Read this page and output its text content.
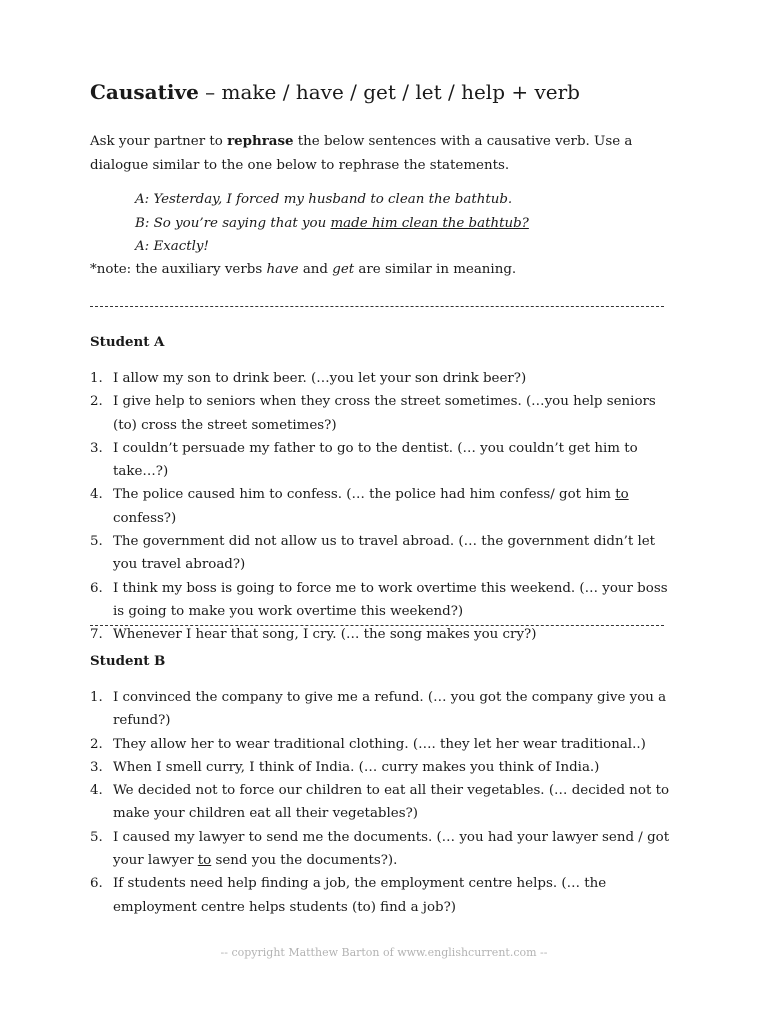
Causative – make / have / get / let / help + verb

Ask your partner to rephrase the below sentences with a causative verb. Use a dialogue similar to the one below to rephrase the statements.

A: Yesterday, I forced my husband to clean the bathtub.
B: So you’re saying that you made him clean the bathtub?
A: Exactly!
*note: the auxiliary verbs have and get are similar in meaning.
Student A
1. I allow my son to drink beer. (…you let your son drink beer?)
2. I give help to seniors when they cross the street sometimes. (…you help seniors (to) cross the street sometimes?)
3. I couldn’t persuade my father to go to the dentist. (… you couldn’t get him to take…?)
4. The police caused him to confess. (… the police had him confess/ got him to confess?)
5. The government did not allow us to travel abroad. (… the government didn’t let you travel abroad?)
6. I think my boss is going to force me to work overtime this weekend. (… your boss is going to make you work overtime this weekend?)
7. Whenever I hear that song, I cry. (… the song makes you cry?)
Student B
1. I convinced the company to give me a refund. (… you got the company give you a refund?)
2. They allow her to wear traditional clothing. (…. they let her wear traditional..)
3. When I smell curry, I think of India. (… curry makes you think of India.)
4. We decided not to force our children to eat all their vegetables. (… decided not to make your children eat all their vegetables?)
5. I caused my lawyer to send me the documents. (… you had your lawyer send / got your lawyer to send you the documents?).
6. If students need help finding a job, the employment centre helps. (… the employment centre helps students (to) find a job?)
-- copyright Matthew Barton of www.englishcurrent.com --
